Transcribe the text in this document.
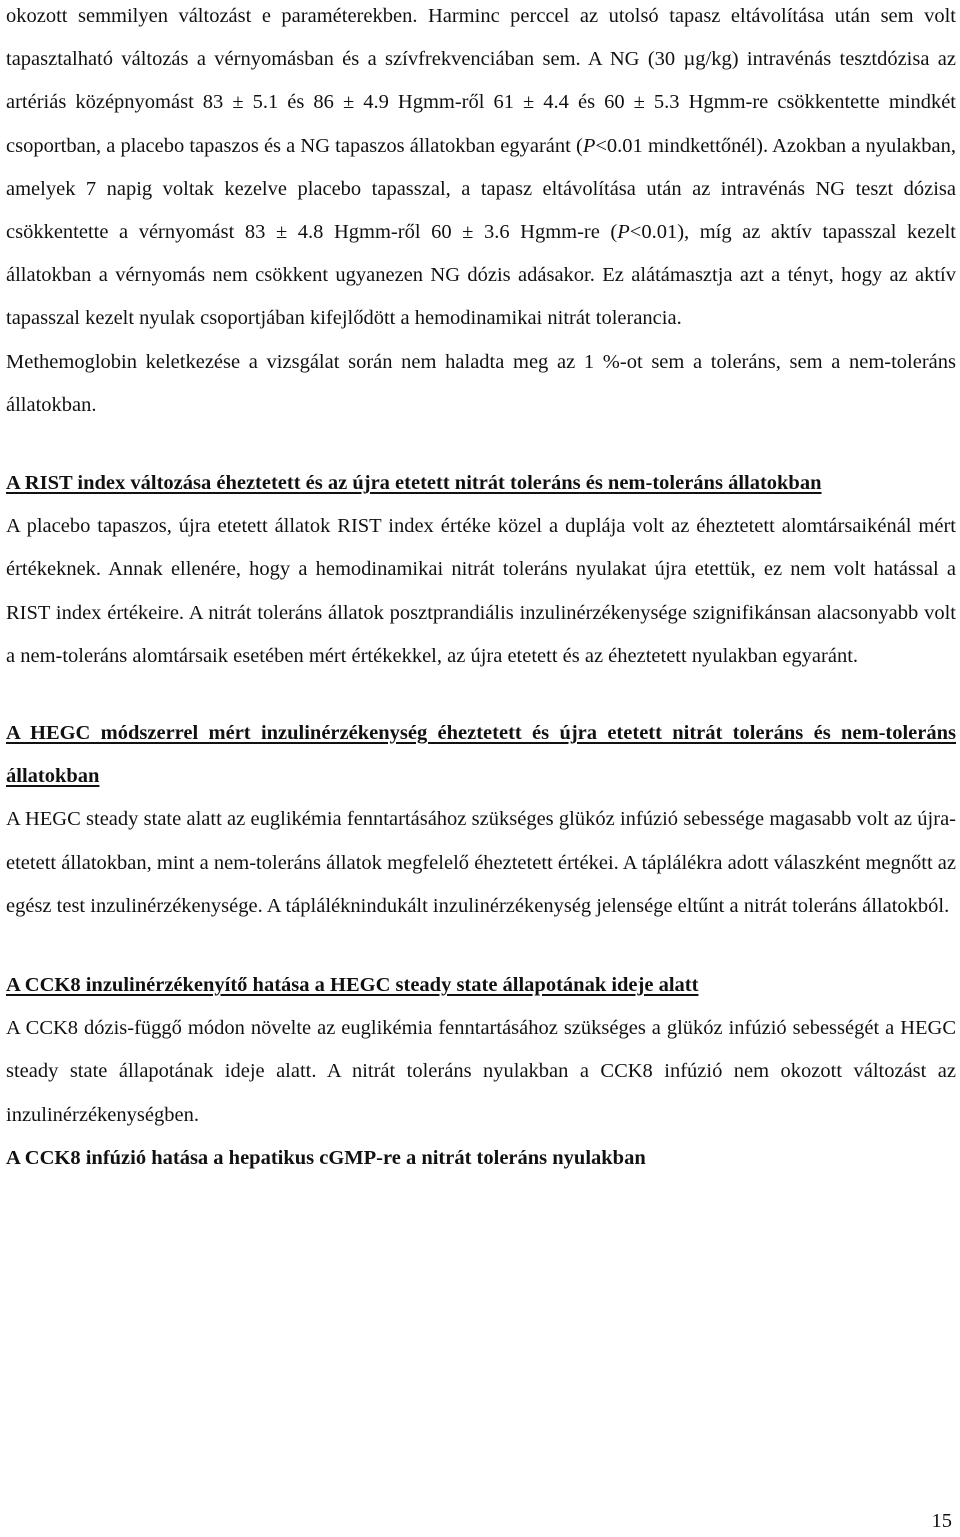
okozott semmilyen változást e paraméterekben. Harminc perccel az utolsó tapasz eltávolítása után sem volt tapasztalható változás a vérnyomásban és a szívfrekvenciában sem. A NG (30 µg/kg) intravénás tesztdózisa az artériás középnyomást 83 ± 5.1 és 86 ± 4.9 Hgmm-ről 61 ± 4.4 és 60 ± 5.3 Hgmm-re csökkentette mindkét csoportban, a placebo tapaszos és a NG tapaszos állatokban egyaránt (P<0.01 mindkettőnél). Azokban a nyulakban, amelyek 7 napig voltak kezelve placebo tapasszal, a tapasz eltávolítása után az intravénás NG teszt dózisa csökkentette a vérnyomást 83 ± 4.8 Hgmm-ről 60 ± 3.6 Hgmm-re (P<0.01), míg az aktív tapasszal kezelt állatokban a vérnyomás nem csökkent ugyanezen NG dózis adásakor. Ez alátámasztja azt a tényt, hogy az aktív tapasszal kezelt nyulak csoportjában kifejlődött a hemodinamikai nitrát tolerancia.

Methemoglobin keletkezése a vizsgálat során nem haladta meg az 1 %-ot sem a toleráns, sem a nem-toleráns állatokban.

A RIST index változása éheztetett és az újra etetett nitrát toleráns és nem-toleráns állatokban

A placebo tapaszos, újra etetett állatok RIST index értéke közel a duplája volt az éheztetett alomtársaikénál mért értékeknek. Annak ellenére, hogy a hemodinamikai nitrát toleráns nyulakat újra etettük, ez nem volt hatással a RIST index értékeire. A nitrát toleráns állatok posztprandiális inzulinérzékenysége szignifikánsan alacsonyabb volt a nem-toleráns alomtársaik esetében mért értékekkel, az újra etetett és az éheztetett nyulakban egyaránt.

A HEGC módszerrel mért inzulinérzékenység éheztetett és újra etetett nitrát toleráns és nem-toleráns állatokban

A HEGC steady state alatt az euglikémia fenntartásához szükséges glükóz infúzió sebessége magasabb volt az újra-etetett állatokban, mint a nem-toleráns állatok megfelelő éheztetett értékei. A táplálékra adott válaszként megnőtt az egész test inzulinérzékenysége. A tápláléknindukált inzulinérzékenység jelensége eltűnt a nitrát toleráns állatokból.

A CCK8 inzulinérzékenyítő hatása a HEGC steady state állapotának ideje alatt

A CCK8 dózis-függő módon növelte az euglikémia fenntartásához szükséges a glükóz infúzió sebességét a HEGC steady state állapotának ideje alatt. A nitrát toleráns nyulakban a CCK8 infúzió nem okozott változást az inzulinérzékenységben.

A CCK8 infúzió hatása a hepatikus cGMP-re a nitrát toleráns nyulakban
15
